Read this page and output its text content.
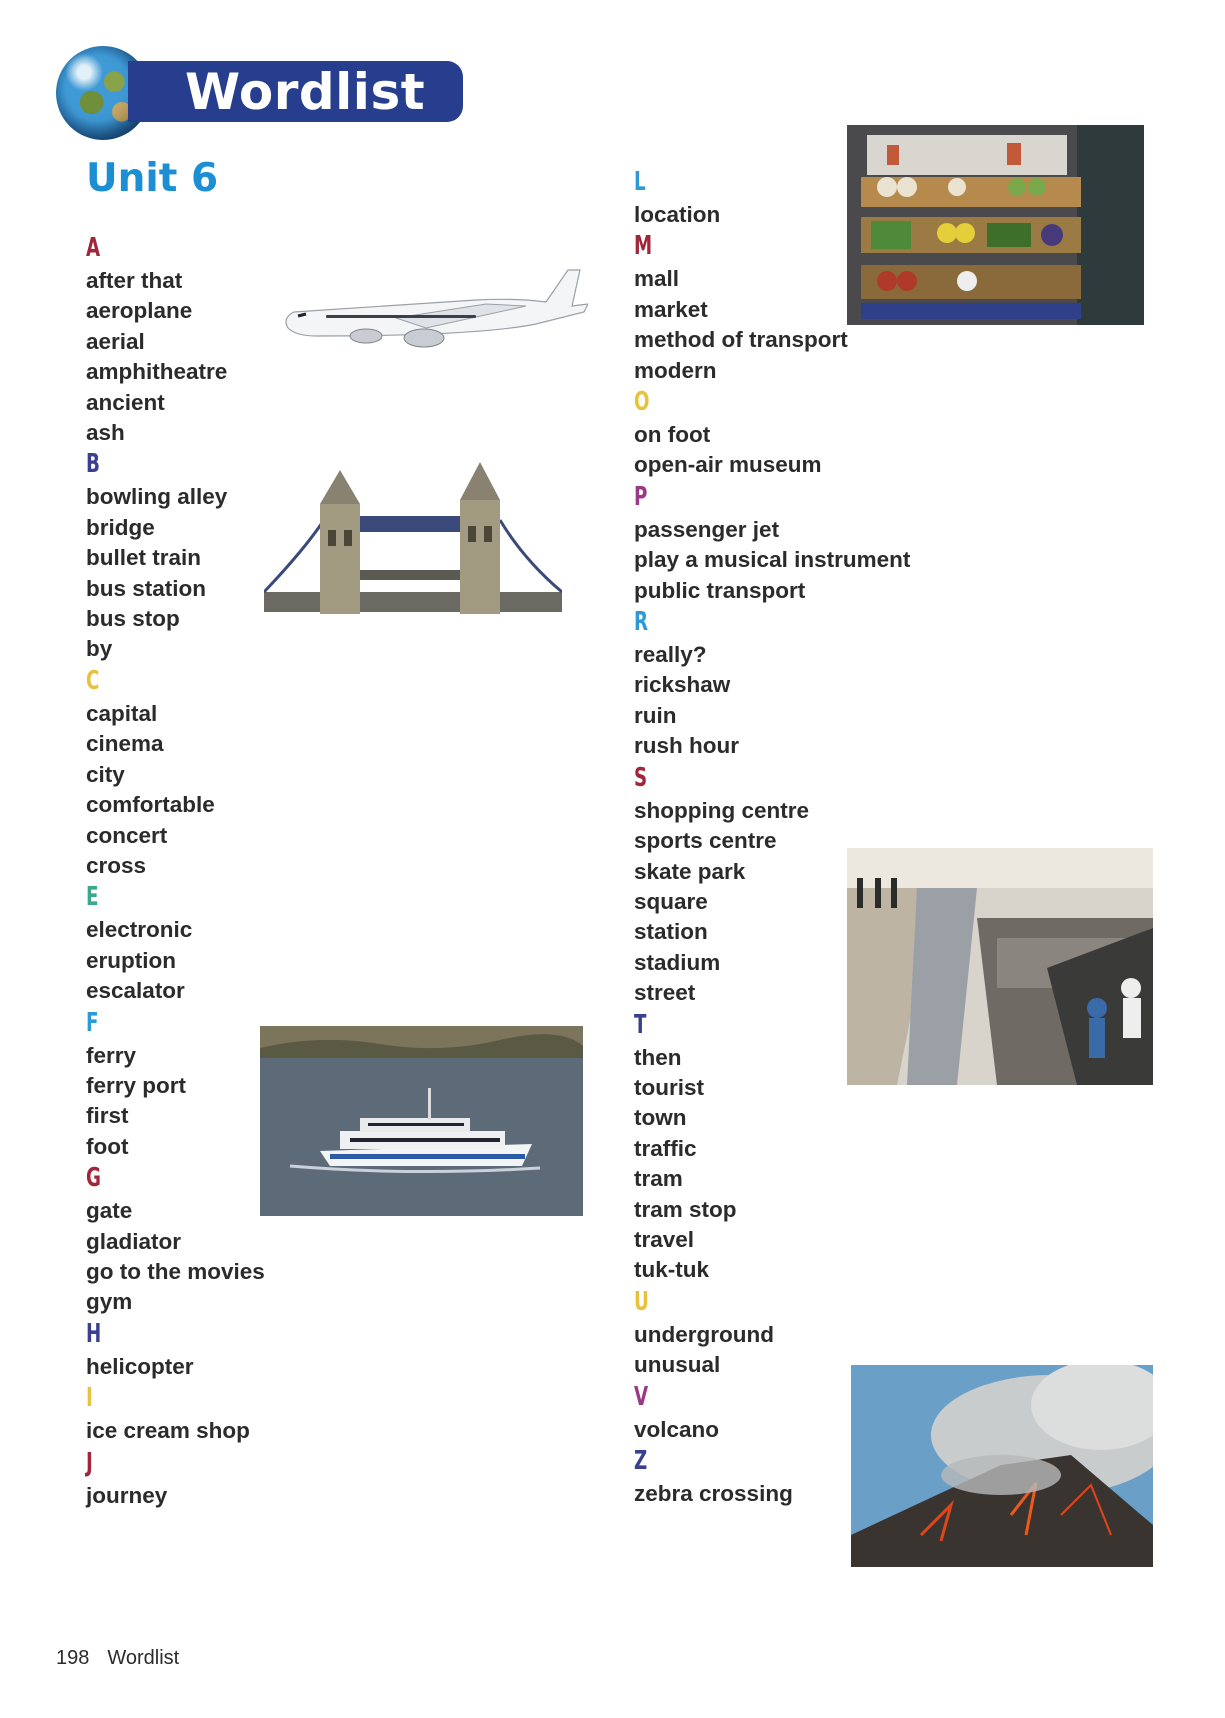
Wordlist
Unit 6
A
after that
aeroplane
aerial
amphitheatre
ancient
ash
B
bowling alley
bridge
bullet train
bus station
bus stop
by
C
capital
cinema
city
comfortable
concert
cross
E
electronic
eruption
escalator
F
ferry
ferry port
first
foot
G
gate
gladiator
go to the movies
gym
H
helicopter
I
ice cream shop
J
journey
L
location
M
mall
market
method of transport
modern
O
on foot
open-air museum
P
passenger jet
play a musical instrument
public transport
R
really?
rickshaw
ruin
rush hour
S
shopping centre
sports centre
skate park
square
station
stadium
street
T
then
tourist
town
traffic
tram
tram stop
travel
tuk-tuk
U
underground
unusual
V
volcano
Z
zebra crossing
198 Wordlist
